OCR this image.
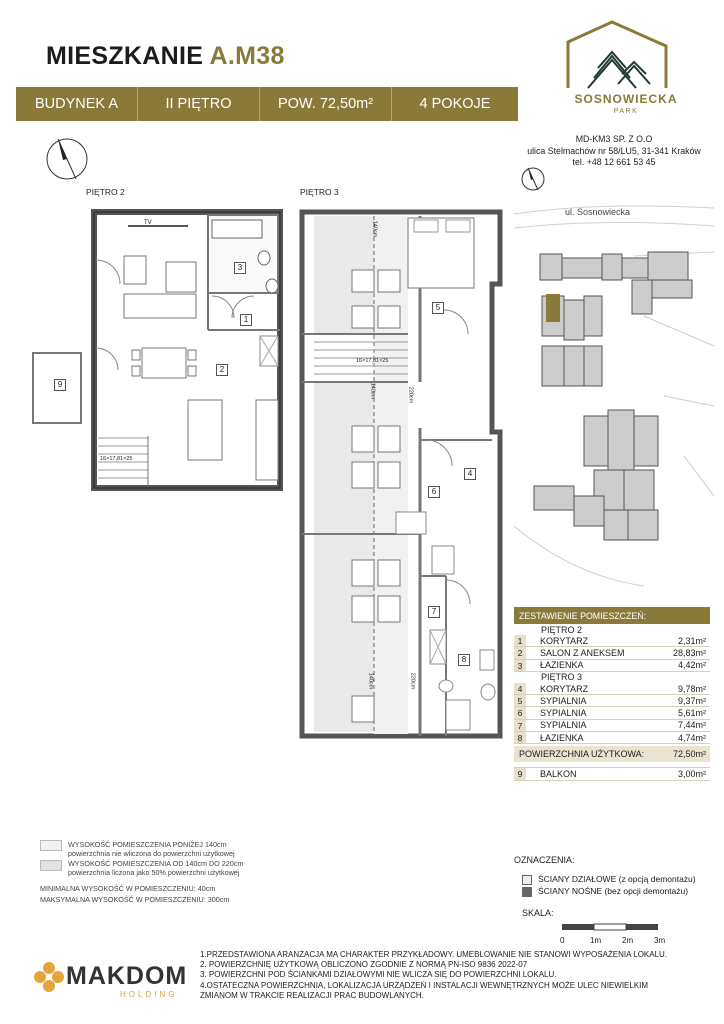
MIESZKANIE A.M38
BUDYNEK A	II PIĘTRO	POW. 72,50m²	4 POKOJE	SOSNOWIECKA
PARK
MD-KM3 SP. Z O.O
ulica Stelmachów nr 58/LU5, 31-341 Kraków
tel. +48 12 661 53 45
PIĘTRO 2	PIĘTRO 3
TV
16×17,81×25
16×17,81×25
140cm
140cm
140cm
220cm
220cm
1
2
3
4
5
6
7
8
9
ul. Sosnowiecka
ZESTAWIENIE POMIESZCZEŃ:
PIĘTRO 2
1	KORYTARZ	2,31m²
2	SALON Z ANEKSEM	28,83m²
3	ŁAZIENKA	4,42m²
PIĘTRO 3
4	KORYTARZ	9,78m²
5	SYPIALNIA	9,37m²
6	SYPIALNIA	5,61m²
7	SYPIALNIA	7,44m²
8	ŁAZIENKA	4,74m²
POWIERZCHNIA UŻYTKOWA:	72,50m²
9	BALKON	3,00m²
WYSOKOŚĆ POMIESZCZENIA PONIŻEJ 140cm
powierzchnia nie wliczona do powierzchni użytkowej
WYSOKOŚĆ POMIESZCZENIA OD 140cm DO 220cm
powierzchnia liczona jako 50% powierzchni użytkowej
MINIMALNA WYSOKOŚĆ W POMIESZCZENIU: 40cm
MAKSYMALNA WYSOKOŚĆ W POMIESZCZENIU: 300cm
OZNACZENIA:
ŚCIANY DZIAŁOWE (z opcją demontażu)
ŚCIANY NOŚNE (bez opcji demontażu)
SKALA:
0	1m	2m	3m
1.PRZEDSTAWIONA ARANŻACJA MA CHARAKTER PRZYKŁADOWY. UMEBLOWANIE NIE STANOWI WYPOSAŻENIA LOKALU.
2. POWIERZCHNIĘ UŻYTKOWĄ OBLICZONO ZGODNIE Z NORMĄ PN-ISO 9836 2022-07
3. POWIERZCHNI POD ŚCIANKAMI DZIAŁOWYMI NIE WLICZA SIĘ DO POWIERZCHNI LOKALU.
4.OSTATECZNA POWIERZCHNIA, LOKALIZACJA URZĄDZEŃ I INSTALACJI WEWNĘTRZNYCH MOŻE ULEC NIEWIELKIM
ZMIANOM W TRAKCIE REALIZACJI PRAC BUDOWLANYCH.
MAKDOM
HOLDING
